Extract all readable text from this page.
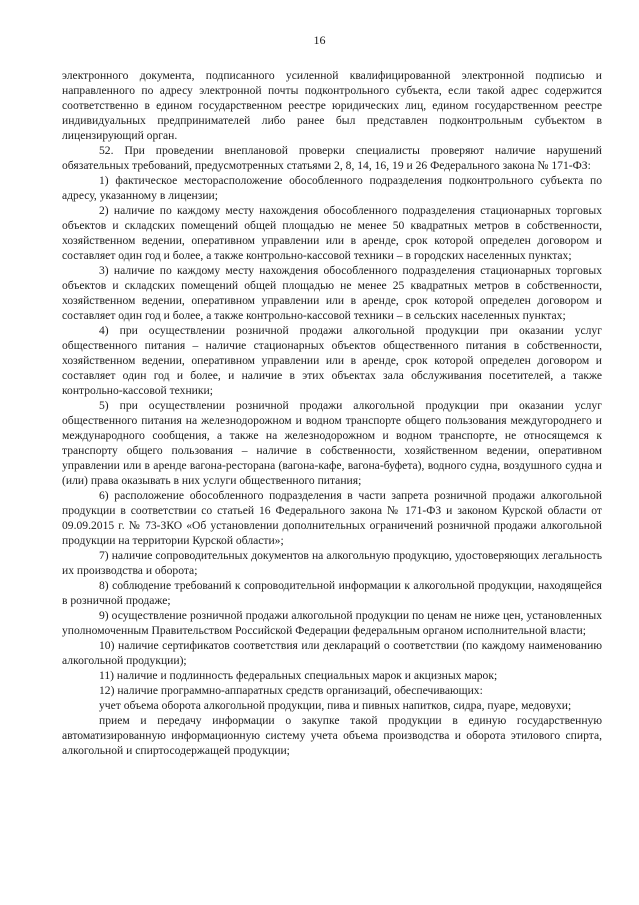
16

электронного документа, подписанного усиленной квалифицированной электронной подписью и направленного по адресу электронной почты подконтрольного субъекта, если такой адрес содержится соответственно в едином государственном реестре юридических лиц, едином государственном реестре индивидуальных предпринимателей либо ранее был представлен подконтрольным субъектом в лицензирующий орган.

52. При проведении внеплановой проверки специалисты проверяют наличие нарушений обязательных требований, предусмотренных статьями 2, 8, 14, 16, 19 и 26 Федерального закона № 171-ФЗ:

1) фактическое месторасположение обособленного подразделения подконтрольного субъекта по адресу, указанному в лицензии;

2) наличие по каждому месту нахождения обособленного подразделения стационарных торговых объектов и складских помещений общей площадью не менее 50 квадратных метров в собственности, хозяйственном ведении, оперативном управлении или в аренде, срок которой определен договором и составляет один год и более, а также контрольно-кассовой техники – в городских населенных пунктах;

3) наличие по каждому месту нахождения обособленного подразделения стационарных торговых объектов и складских помещений общей площадью не менее 25 квадратных метров в собственности, хозяйственном ведении, оперативном управлении или в аренде, срок которой определен договором и составляет один год и более, а также контрольно-кассовой техники – в сельских населенных пунктах;

4) при осуществлении розничной продажи алкогольной продукции при оказании услуг общественного питания – наличие стационарных объектов общественного питания в собственности, хозяйственном ведении, оперативном управлении или в аренде, срок которой определен договором и составляет один год и более, и наличие в этих объектах зала обслуживания посетителей, а также контрольно-кассовой техники;

5) при осуществлении розничной продажи алкогольной продукции при оказании услуг общественного питания на железнодорожном и водном транспорте общего пользования междугороднего и международного сообщения, а также на железнодорожном и водном транспорте, не относящемся к транспорту общего пользования – наличие в собственности, хозяйственном ведении, оперативном управлении или в аренде вагона-ресторана (вагона-кафе, вагона-буфета), водного судна, воздушного судна и (или) права оказывать в них услуги общественного питания;

6) расположение обособленного подразделения в части запрета розничной продажи алкогольной продукции в соответствии со статьей 16 Федерального закона № 171-ФЗ и законом Курской области от 09.09.2015 г. № 73-ЗКО «Об установлении дополнительных ограничений розничной продажи алкогольной продукции на территории Курской области»;

7) наличие сопроводительных документов на алкогольную продукцию, удостоверяющих легальность их производства и оборота;

8) соблюдение требований к сопроводительной информации к алкогольной продукции, находящейся в розничной продаже;

9) осуществление розничной продажи алкогольной продукции по ценам не ниже цен, установленных уполномоченным Правительством Российской Федерации федеральным органом исполнительной власти;

10) наличие сертификатов соответствия или деклараций о соответствии (по каждому наименованию алкогольной продукции);

11) наличие и подлинность федеральных специальных марок и акцизных марок;

12) наличие программно-аппаратных средств организаций, обеспечивающих:

учет объема оборота алкогольной продукции, пива и пивных напитков, сидра, пуаре, медовухи;

прием и передачу информации о закупке такой продукции в единую государственную автоматизированную информационную систему учета объема производства и оборота этилового спирта, алкогольной и спиртосодержащей продукции;
